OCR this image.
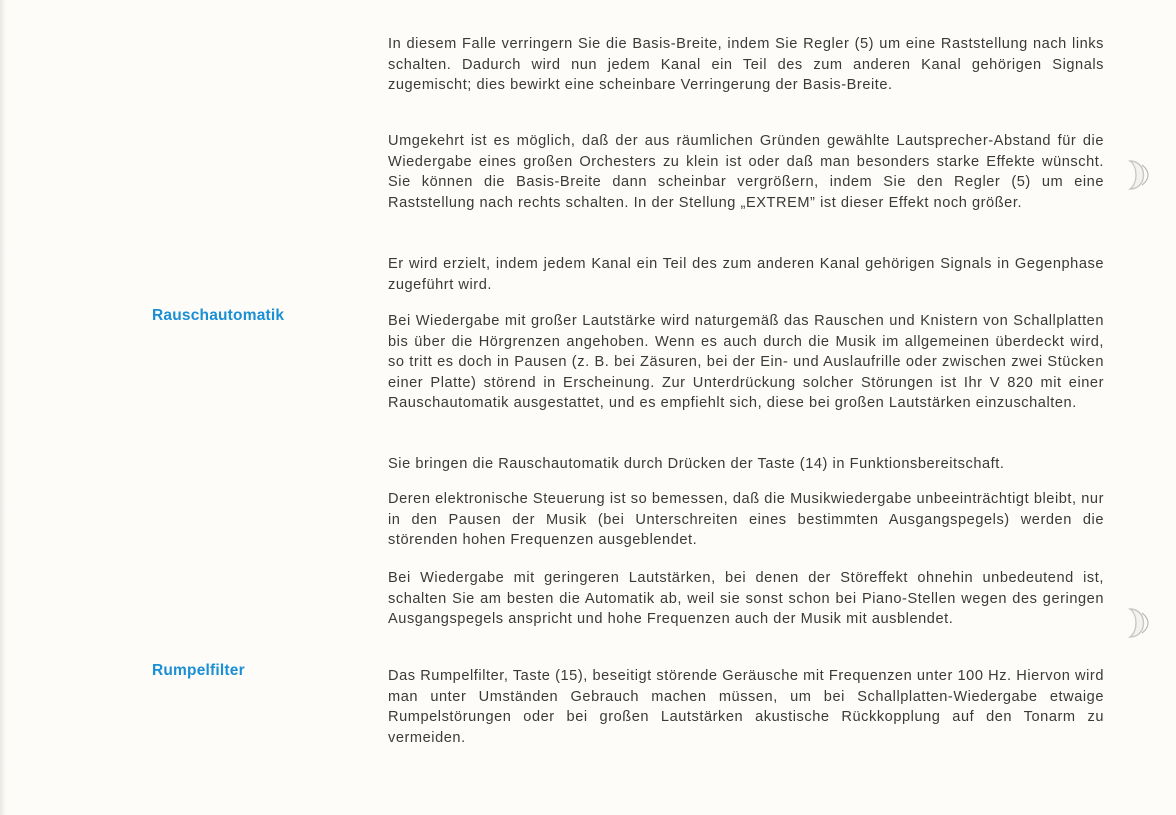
Rauschautomatik
Rumpelfilter

In diesem Falle verringern Sie die Basis-Breite, indem Sie Regler (5) um eine Raststellung nach links schalten. Dadurch wird nun jedem Kanal ein Teil des zum anderen Kanal gehörigen Signals zugemischt; dies bewirkt eine scheinbare Verringerung der Basis-Breite.

Umgekehrt ist es möglich, daß der aus räumlichen Gründen gewählte Lautsprecher-Abstand für die Wiedergabe eines großen Orchesters zu klein ist oder daß man besonders starke Effekte wünscht. Sie können die Basis-Breite dann scheinbar vergrößern, indem Sie den Regler (5) um eine Raststellung nach rechts schalten. In der Stellung „EXTREM” ist dieser Effekt noch größer.

Er wird erzielt, indem jedem Kanal ein Teil des zum anderen Kanal gehörigen Signals in Gegenphase zugeführt wird.

Bei Wiedergabe mit großer Lautstärke wird naturgemäß das Rauschen und Knistern von Schallplatten bis über die Hörgrenzen angehoben. Wenn es auch durch die Musik im allgemeinen überdeckt wird, so tritt es doch in Pausen (z. B. bei Zäsuren, bei der Ein- und Auslaufrille oder zwischen zwei Stücken einer Platte) störend in Erscheinung. Zur Unterdrückung solcher Störungen ist Ihr V 820 mit einer Rauschautomatik ausgestattet, und es empfiehlt sich, diese bei großen Lautstärken einzuschalten.

Sie bringen die Rauschautomatik durch Drücken der Taste (14) in Funktionsbereitschaft.

Deren elektronische Steuerung ist so bemessen, daß die Musikwiedergabe unbeeinträchtigt bleibt, nur in den Pausen der Musik (bei Unterschreiten eines bestimmten Ausgangspegels) werden die störenden hohen Frequenzen ausgeblendet.

Bei Wiedergabe mit geringeren Lautstärken, bei denen der Störeffekt ohnehin unbedeutend ist, schalten Sie am besten die Automatik ab, weil sie sonst schon bei Piano-Stellen wegen des geringen Ausgangspegels anspricht und hohe Frequenzen auch der Musik mit ausblendet.

Das Rumpelfilter, Taste (15), beseitigt störende Geräusche mit Frequenzen unter 100 Hz. Hiervon wird man unter Umständen Gebrauch machen müssen, um bei Schallplatten-Wiedergabe etwaige Rumpelstörungen oder bei großen Lautstärken akustische Rückkopplung auf den Tonarm zu vermeiden.
